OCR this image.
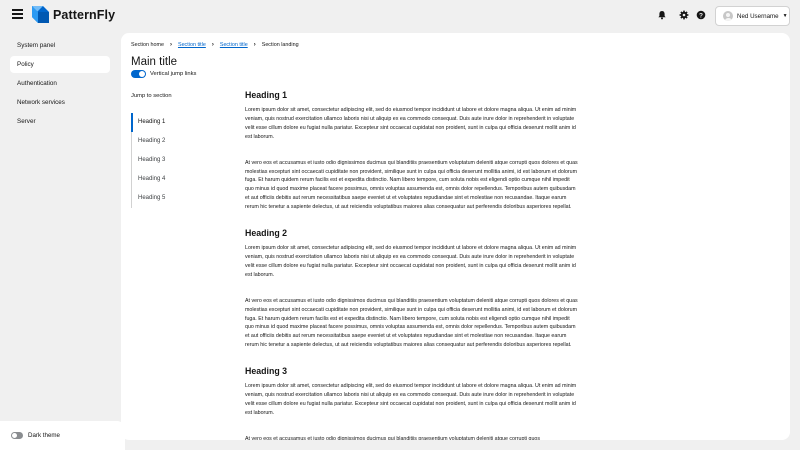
PatternFly	?	Ned Username ▼
System panel
Policy
Authentication
Network services
Server
Dark theme
Section home › Section title › Section title › Section landing
Main title
Vertical jump links
Jump to section
Heading 1
Heading 2
Heading 3
Heading 4
Heading 5
Heading 1

Lorem ipsum dolor sit amet, consectetur adipiscing elit, sed do eiusmod tempor incididunt ut labore et dolore magna aliqua. Ut enim ad minim veniam, quis nostrud exercitation ullamco laboris nisi ut aliquip ex ea commodo consequat. Duis aute irure dolor in reprehenderit in voluptate velit esse cillum dolore eu fugiat nulla pariatur. Excepteur sint occaecat cupidatat non proident, sunt in culpa qui officia deserunt mollit anim id est laborum.

At vero eos et accusamus et iusto odio dignissimos ducimus qui blanditiis praesentium voluptatum deleniti atque corrupti quos dolores et quas molestias excepturi sint occaecati cupiditate non provident, similique sunt in culpa qui officia deserunt mollitia animi, id est laborum et dolorum fuga. Et harum quidem rerum facilis est et expedita distinctio. Nam libero tempore, cum soluta nobis est eligendi optio cumque nihil impedit quo minus id quod maxime placeat facere possimus, omnis voluptas assumenda est, omnis dolor repellendus. Temporibus autem quibusdam et aut officiis debitis aut rerum necessitatibus saepe eveniet ut et voluptates repudiandae sint et molestiae non recusandae. Itaque earum rerum hic tenetur a sapiente delectus, ut aut reiciendis voluptatibus maiores alias consequatur aut perferendis doloribus asperiores repellat.

Heading 2

Lorem ipsum dolor sit amet, consectetur adipiscing elit, sed do eiusmod tempor incididunt ut labore et dolore magna aliqua. Ut enim ad minim veniam, quis nostrud exercitation ullamco laboris nisi ut aliquip ex ea commodo consequat. Duis aute irure dolor in reprehenderit in voluptate velit esse cillum dolore eu fugiat nulla pariatur. Excepteur sint occaecat cupidatat non proident, sunt in culpa qui officia deserunt mollit anim id est laborum.

At vero eos et accusamus et iusto odio dignissimos ducimus qui blanditiis praesentium voluptatum deleniti atque corrupti quos dolores et quas molestias excepturi sint occaecati cupiditate non provident, similique sunt in culpa qui officia deserunt mollitia animi, id est laborum et dolorum fuga. Et harum quidem rerum facilis est et expedita distinctio. Nam libero tempore, cum soluta nobis est eligendi optio cumque nihil impedit quo minus id quod maxime placeat facere possimus, omnis voluptas assumenda est, omnis dolor repellendus. Temporibus autem quibusdam et aut officiis debitis aut rerum necessitatibus saepe eveniet ut et voluptates repudiandae sint et molestiae non recusandae. Itaque earum rerum hic tenetur a sapiente delectus, ut aut reiciendis voluptatibus maiores alias consequatur aut perferendis doloribus asperiores repellat.

Heading 3

Lorem ipsum dolor sit amet, consectetur adipiscing elit, sed do eiusmod tempor incididunt ut labore et dolore magna aliqua. Ut enim ad minim veniam, quis nostrud exercitation ullamco laboris nisi ut aliquip ex ea commodo consequat. Duis aute irure dolor in reprehenderit in voluptate velit esse cillum dolore eu fugiat nulla pariatur. Excepteur sint occaecat cupidatat non proident, sunt in culpa qui officia deserunt mollit anim id est laborum.

At vero eos et accusamus et iusto odio dignissimos ducimus qui blanditiis praesentium voluptatum deleniti atque corrupti quos
